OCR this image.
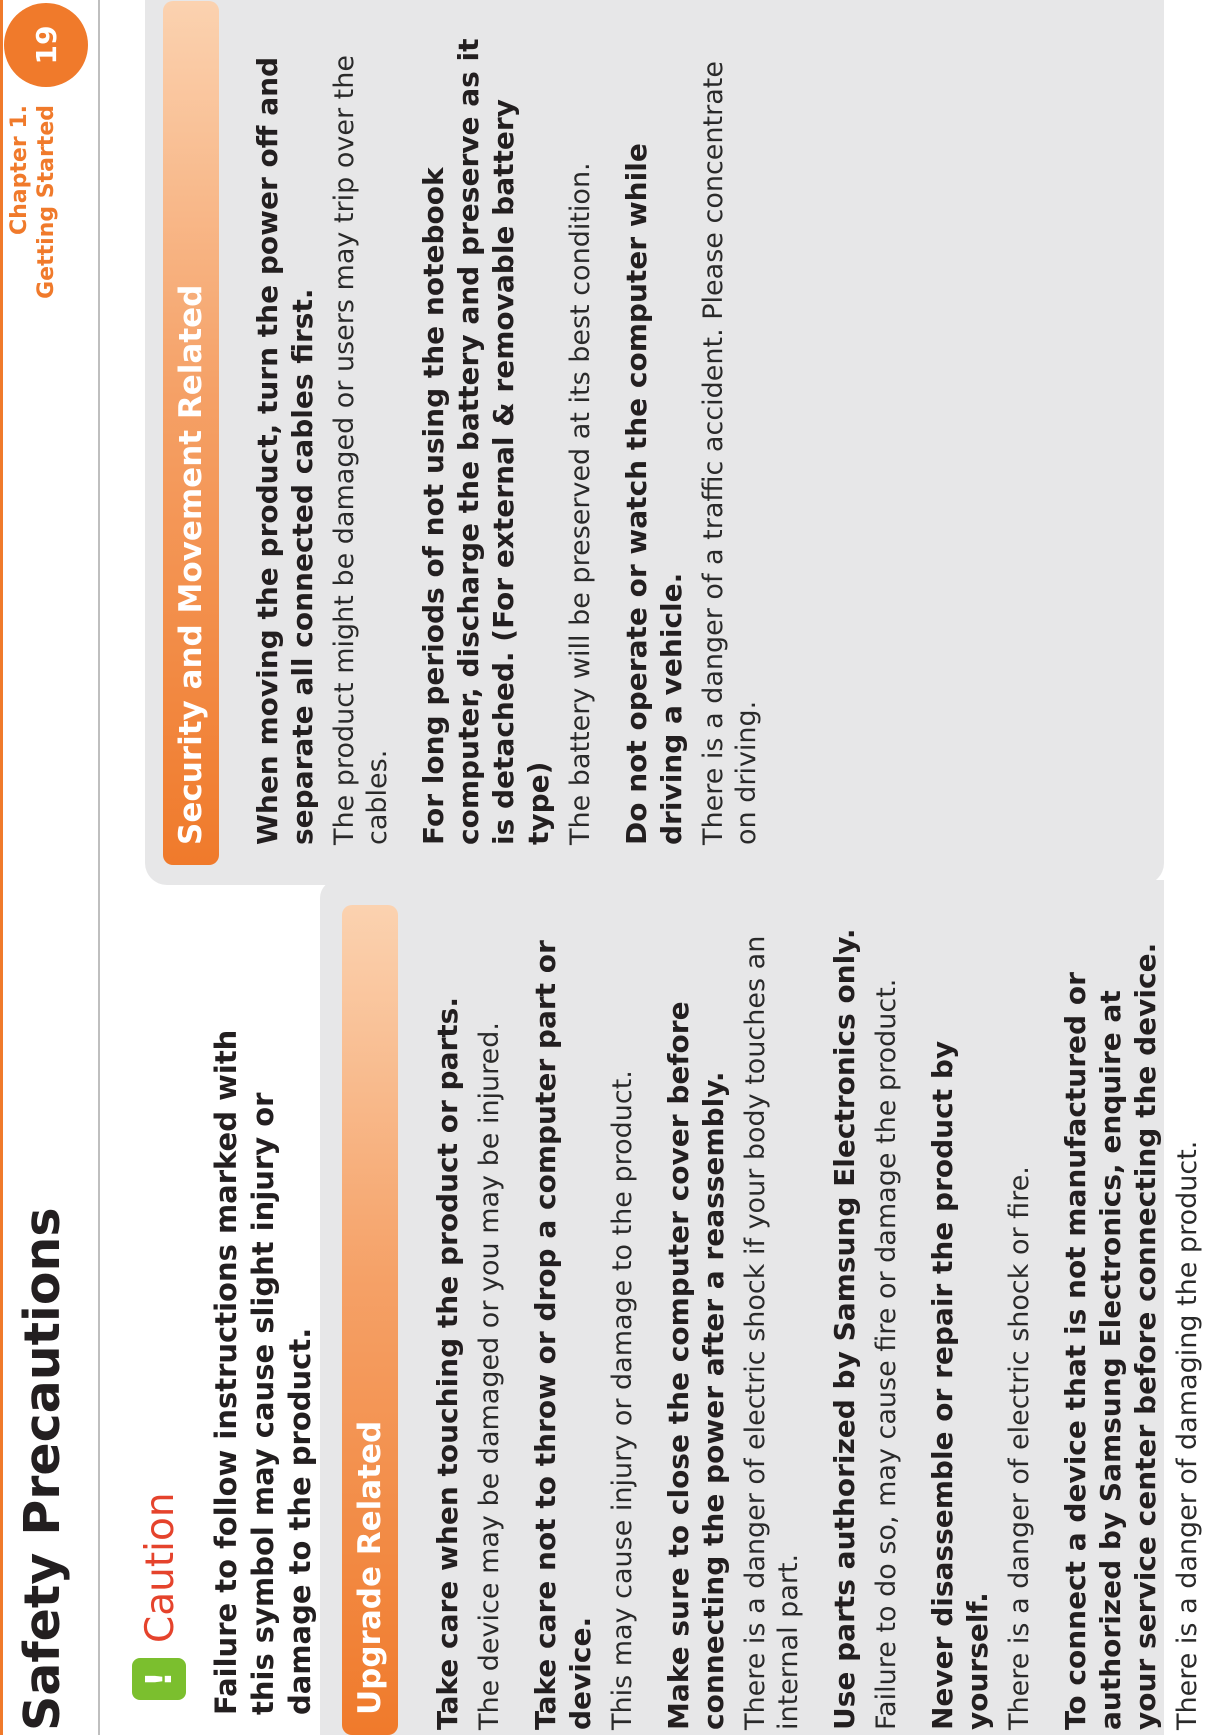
Safety Precautions
Chapter 1. Getting Started
19
!
Caution Failure to follow instructions marked with this symbol may cause slight injury or damage to the product.	Upgrade Related	Take care when touching the product or parts. The device may be damaged or you may be injured. Take care not to throw or drop a computer part or device. This may cause injury or damage to the product. Make sure to close the computer cover before connecting the power after a reassembly. There is a danger of electric shock if your body touches an internal part. Use parts authorized by Samsung Electronics only. Failure to do so, may cause fire or damage the product. Never disassemble or repair the product by yourself. There is a danger of electric shock or fire. To connect a device that is not manufactured or authorized by Samsung Electronics, enquire at your service center before connecting the device. There is a danger of damaging the product.

Security and Movement Related	When moving the product, turn the power off and separate all connected cables first. The product might be damaged or users may trip over the cables. For long periods of not using the notebook computer, discharge the battery and preserve as it is detached. (For external & removable battery type) The battery will be preserved at its best condition. Do not operate or watch the computer while driving a vehicle. There is a danger of a traffic accident. Please concentrate on driving.
